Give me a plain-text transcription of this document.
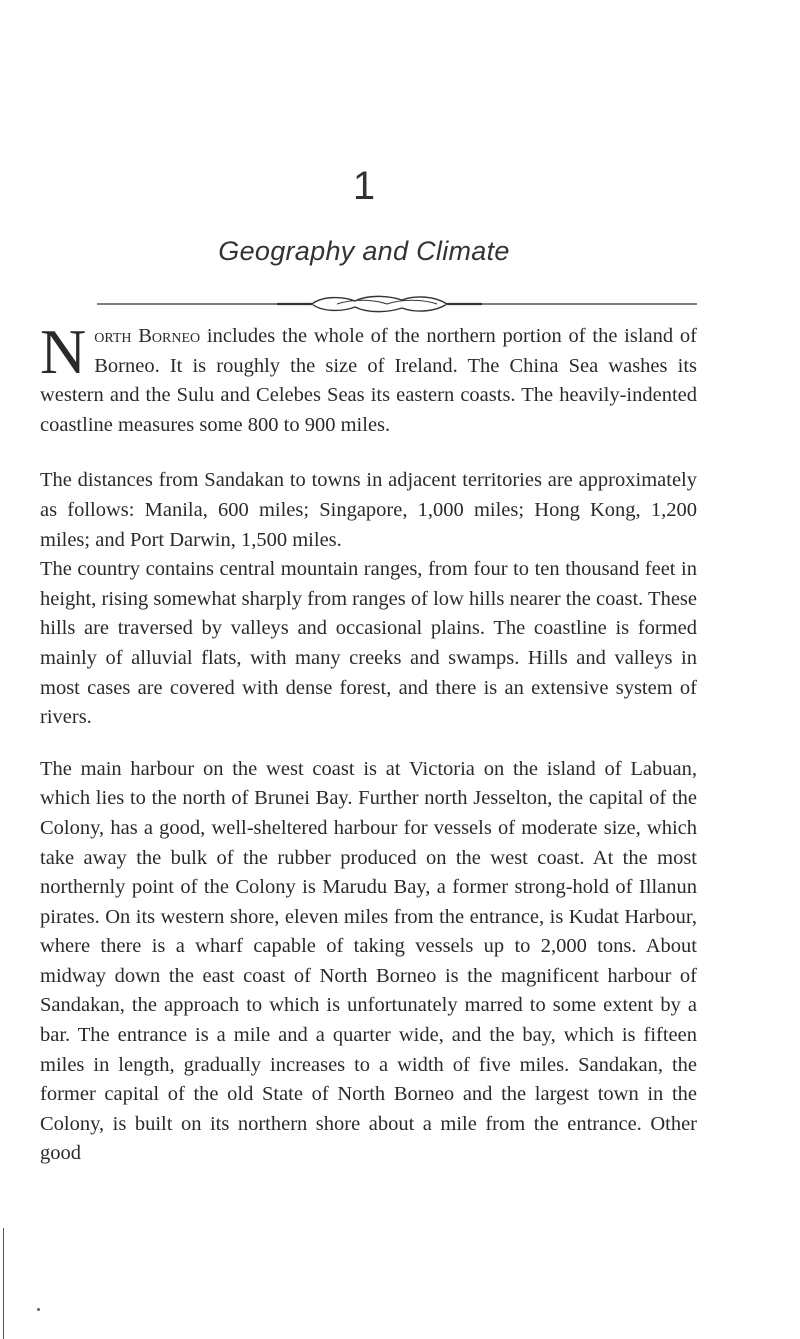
1
Geography and Climate

North Borneo includes the whole of the northern portion of the island of Borneo. It is roughly the size of Ireland. The China Sea washes its western and the Sulu and Celebes Seas its eastern coasts. The heavily-indented coastline measures some 800 to 900 miles.

The distances from Sandakan to towns in adjacent territories are approximately as follows: Manila, 600 miles; Singapore, 1,000 miles; Hong Kong, 1,200 miles; and Port Darwin, 1,500 miles.

The country contains central mountain ranges, from four to ten thousand feet in height, rising somewhat sharply from ranges of low hills nearer the coast. These hills are traversed by valleys and occasional plains. The coastline is formed mainly of alluvial flats, with many creeks and swamps. Hills and valleys in most cases are covered with dense forest, and there is an extensive system of rivers.

The main harbour on the west coast is at Victoria on the island of Labuan, which lies to the north of Brunei Bay. Further north Jesselton, the capital of the Colony, has a good, well-sheltered harbour for vessels of moderate size, which take away the bulk of the rubber produced on the west coast. At the most northernly point of the Colony is Marudu Bay, a former strong-hold of Illanun pirates. On its western shore, eleven miles from the entrance, is Kudat Harbour, where there is a wharf capable of taking vessels up to 2,000 tons. About midway down the east coast of North Borneo is the magnificent harbour of Sandakan, the approach to which is unfortunately marred to some extent by a bar. The entrance is a mile and a quarter wide, and the bay, which is fifteen miles in length, gradually increases to a width of five miles. Sandakan, the former capital of the old State of North Borneo and the largest town in the Colony, is built on its northern shore about a mile from the entrance. Other good
